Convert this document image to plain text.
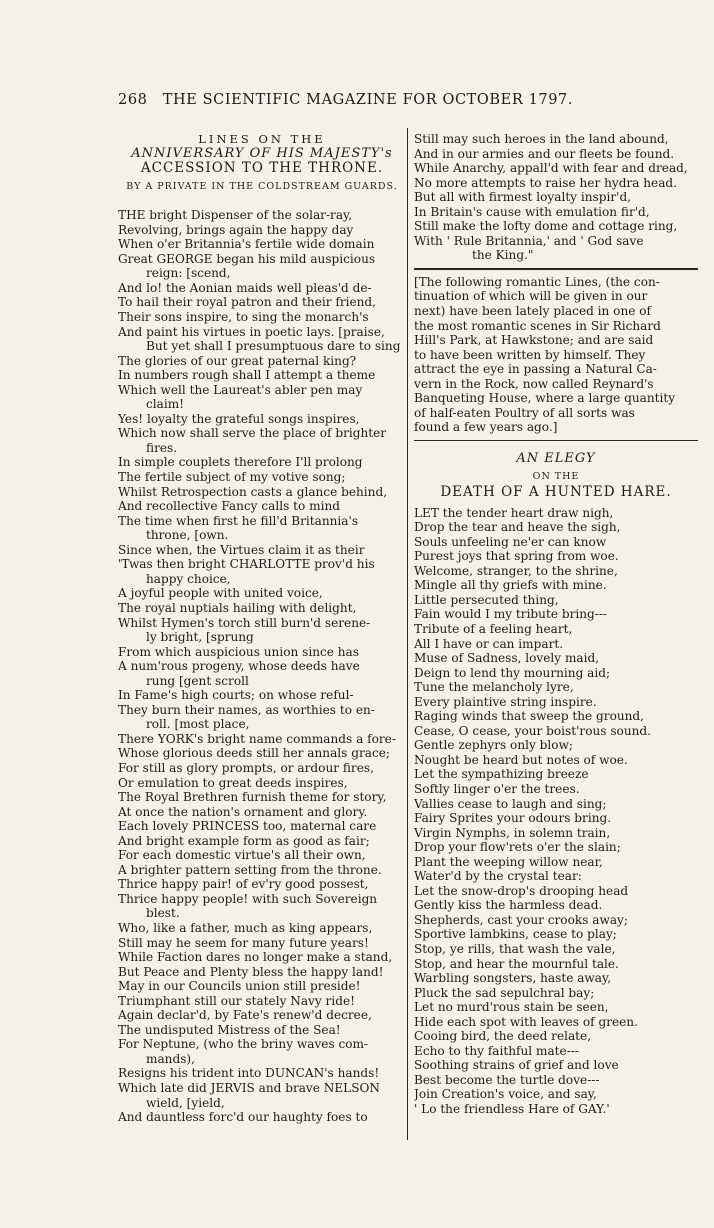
268 THE SCIENTIFIC MAGAZINE FOR OCTOBER 1797.
LINES ON THE
ANNIVERSARY OF HIS MAJESTY's
ACCESSION TO THE THRONE.
BY A PRIVATE IN THE COLDSTREAM GUARDS.
THE bright Dispenser of the solar-ray,
Revolving, brings again the happy day
When o'er Britannia's fertile wide domain
Great GEORGE began his mild auspicious
reign: [scend,
And lo! the Aonian maids well pleas'd de-
To hail their royal patron and their friend,
Their sons inspire, to sing the monarch's
And paint his virtues in poetic lays. [praise,
But yet shall I presumptuous dare to sing
The glories of our great paternal king?
In numbers rough shall I attempt a theme
Which well the Laureat's abler pen may
claim!
Yes! loyalty the grateful songs inspires,
Which now shall serve the place of brighter
fires.
In simple couplets therefore I'll prolong
The fertile subject of my votive song;
Whilst Retrospection casts a glance behind,
And recollective Fancy calls to mind
The time when first he fill'd Britannia's
throne, [own.
Since when, the Virtues claim it as their
'Twas then bright CHARLOTTE prov'd his
happy choice,
A joyful people with united voice,
The royal nuptials hailing with delight,
Whilst Hymen's torch still burn'd serene-
ly bright, [sprung
From which auspicious union since has
A num'rous progeny, whose deeds have
rung [gent scroll
In Fame's high courts; on whose reful-
They burn their names, as worthies to en-
roll. [most place,
There YORK's bright name commands a fore-
Whose glorious deeds still her annals grace;
For still as glory prompts, or ardour fires,
Or emulation to great deeds inspires,
The Royal Brethren furnish theme for story,
At once the nation's ornament and glory.
Each lovely PRINCESS too, maternal care
And bright example form as good as fair;
For each domestic virtue's all their own,
A brighter pattern setting from the throne.
Thrice happy pair! of ev'ry good possest,
Thrice happy people! with such Sovereign
blest.
Who, like a father, much as king appears,
Still may he seem for many future years!
While Faction dares no longer make a stand,
But Peace and Plenty bless the happy land!
May in our Councils union still preside!
Triumphant still our stately Navy ride!
Again declar'd, by Fate's renew'd decree,
The undisputed Mistress of the Sea!
For Neptune, (who the briny waves com-
mands),
Resigns his trident into DUNCAN's hands!
Which late did JERVIS and brave NELSON
wield, [yield,
And dauntless forc'd our haughty foes to
Still may such heroes in the land abound,
And in our armies and our fleets be found.
While Anarchy, appall'd with fear and dread,
No more attempts to raise her hydra head.
But all with firmest loyalty inspir'd,
In Britain's cause with emulation fir'd,
Still make the lofty dome and cottage ring,
With ' Rule Britannia,' and ' God save
the King."
[The following romantic Lines, (the con-
tinuation of which will be given in our
next) have been lately placed in one of
the most romantic scenes in Sir Richard
Hill's Park, at Hawkstone; and are said
to have been written by himself. They
attract the eye in passing a Natural Ca-
vern in the Rock, now called Reynard's
Banqueting House, where a large quantity
of half-eaten Poultry of all sorts was
found a few years ago.]
AN ELEGY
ON THE
DEATH OF A HUNTED HARE.
LET the tender heart draw nigh,
Drop the tear and heave the sigh,
Souls unfeeling ne'er can know
Purest joys that spring from woe.
Welcome, stranger, to the shrine,
Mingle all thy griefs with mine.
Little persecuted thing,
Fain would I my tribute bring---
Tribute of a feeling heart,
All I have or can impart.
Muse of Sadness, lovely maid,
Deign to lend thy mourning aid;
Tune the melancholy lyre,
Every plaintive string inspire.
Raging winds that sweep the ground,
Cease, O cease, your boist'rous sound.
Gentle zephyrs only blow;
Nought be heard but notes of woe.
Let the sympathizing breeze
Softly linger o'er the trees.
Vallies cease to laugh and sing;
Fairy Sprites your odours bring.
Virgin Nymphs, in solemn train,
Drop your flow'rets o'er the slain;
Plant the weeping willow near,
Water'd by the crystal tear:
Let the snow-drop's drooping head
Gently kiss the harmless dead.
Shepherds, cast your crooks away;
Sportive lambkins, cease to play;
Stop, ye rills, that wash the vale,
Stop, and hear the mournful tale.
Warbling songsters, haste away,
Pluck the sad sepulchral bay;
Let no murd'rous stain be seen,
Hide each spot with leaves of green.
Cooing bird, the deed relate,
Echo to thy faithful mate---
Soothing strains of grief and love
Best become the turtle dove---
Join Creation's voice, and say,
' Lo the friendless Hare of GAY.'
